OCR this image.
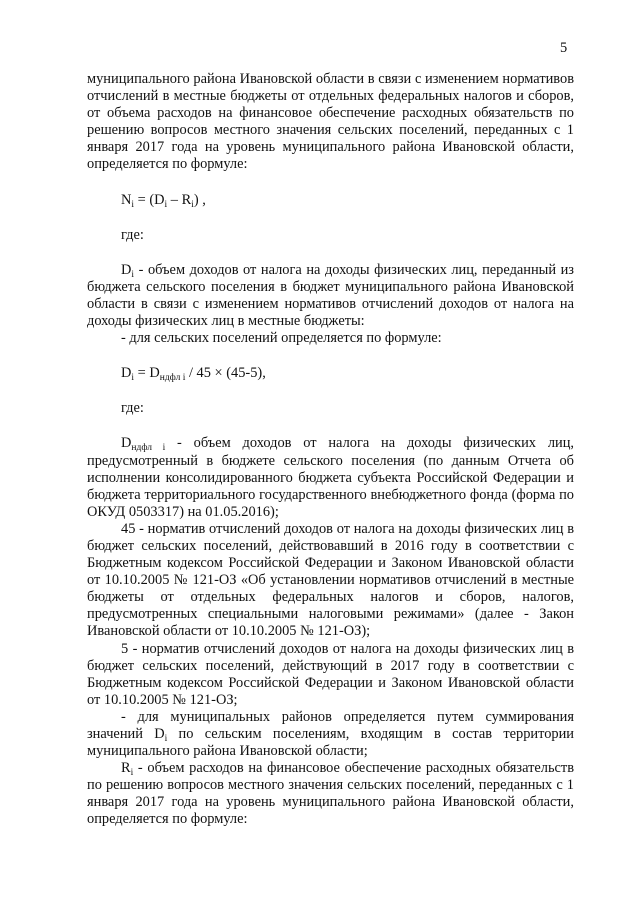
5

муниципального района Ивановской области в связи с изменением нормативов отчислений в местные бюджеты от отдельных федеральных налогов и сборов, от объема расходов на финансовое обеспечение расходных обязательств по решению вопросов местного значения сельских поселений, переданных с 1 января 2017 года на уровень муниципального района Ивановской области, определяется по формуле:

$N_i = (D_i - R_i)$ ,

где:

$D_i$ - объем доходов от налога на доходы физических лиц, переданный из бюджета сельского поселения в бюджет муниципального района Ивановской области в связи с изменением нормативов отчислений доходов от налога на доходы физических лиц в местные бюджеты:

- для сельских поселений определяется по формуле:

$D_i = D_{ндфл i} / 45 \times (45-5)$,

где:

$D_{ндфл i}$ - объем доходов от налога на доходы физических лиц, предусмотренный в бюджете сельского поселения (по данным Отчета об исполнении консолидированного бюджета субъекта Российской Федерации и бюджета территориального государственного внебюджетного фонда (форма по ОКУД 0503317) на 01.05.2016);

45 - норматив отчислений доходов от налога на доходы физических лиц в бюджет сельских поселений, действовавший в 2016 году в соответствии с Бюджетным кодексом Российской Федерации и Законом Ивановской области от 10.10.2005 № 121-ОЗ «Об установлении нормативов отчислений в местные бюджеты от отдельных федеральных налогов и сборов, налогов, предусмотренных специальными налоговыми режимами» (далее - Закон Ивановской области от 10.10.2005 № 121-ОЗ);

5 - норматив отчислений доходов от налога на доходы физических лиц в бюджет сельских поселений, действующий в 2017 году в соответствии с Бюджетным кодексом Российской Федерации и Законом Ивановской области от 10.10.2005 № 121-ОЗ;

- для муниципальных районов определяется путем суммирования значений $D_i$ по сельским поселениям, входящим в состав территории муниципального района Ивановской области;

$R_i$ - объем расходов на финансовое обеспечение расходных обязательств по решению вопросов местного значения сельских поселений, переданных с 1 января 2017 года на уровень муниципального района Ивановской области, определяется по формуле:
